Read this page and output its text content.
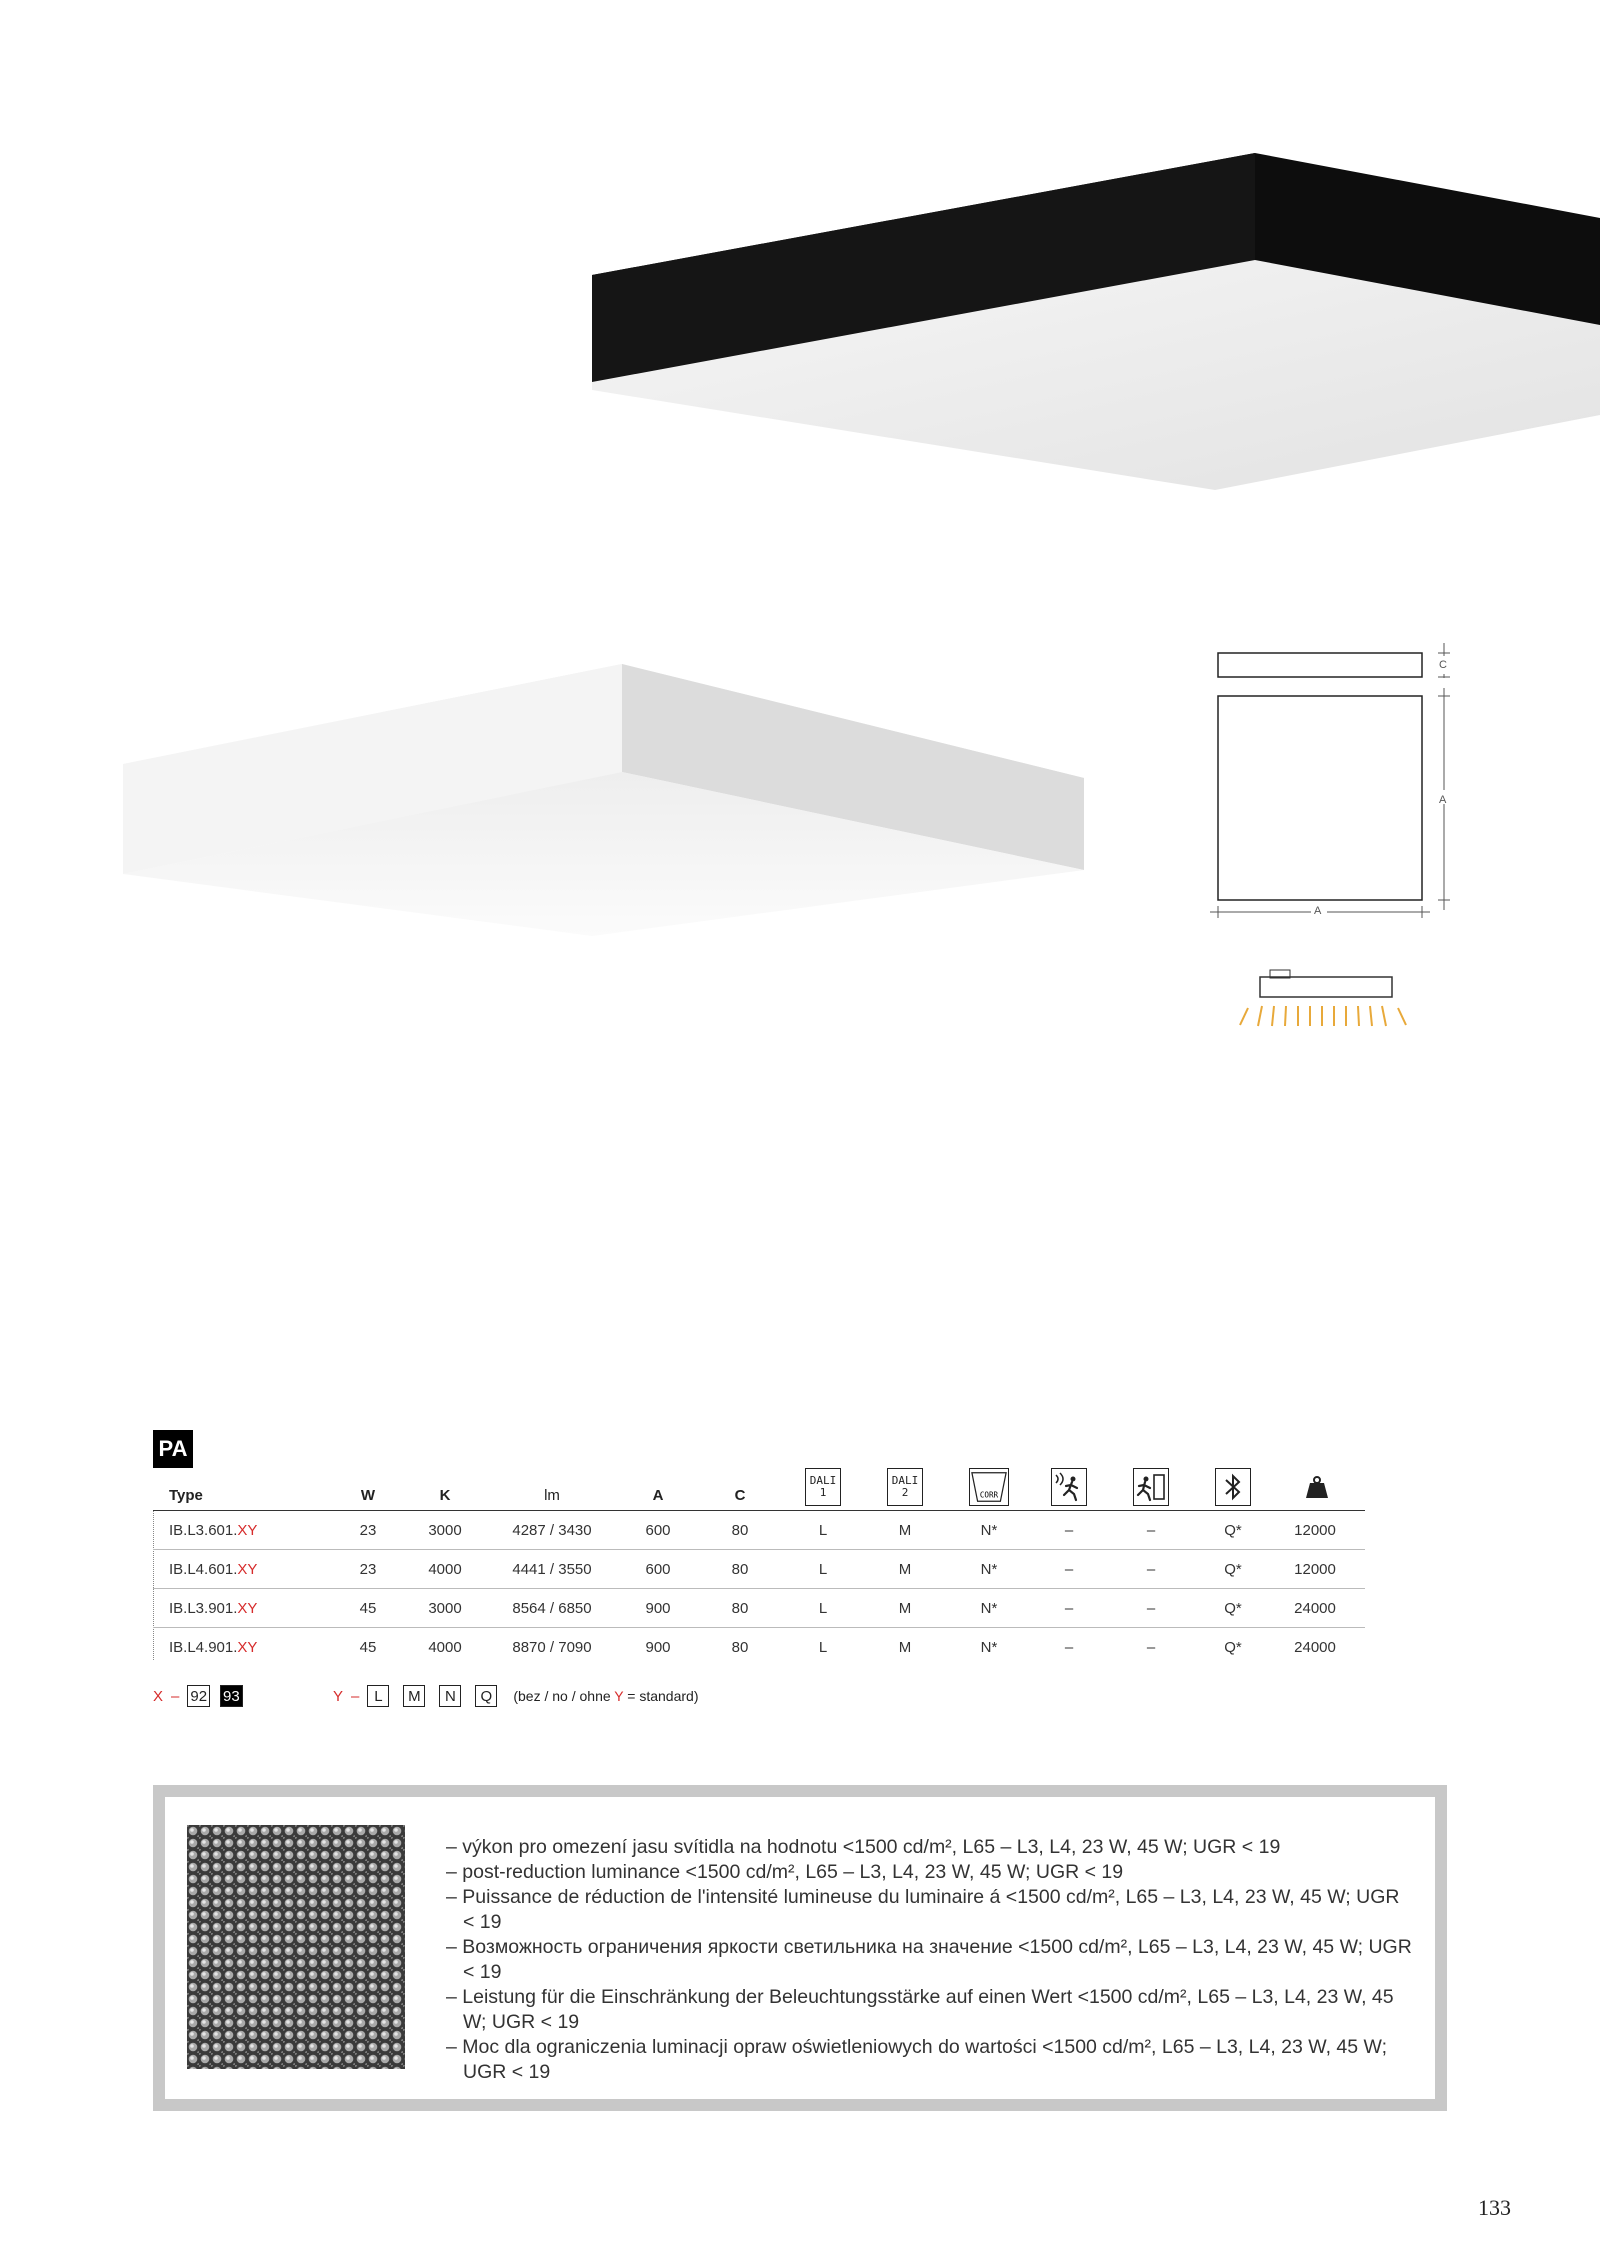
C
A
A
PA
Type	W	K	lm	A	C
DALI 1
DALI 2	CORR
IB.L3.601.XY	23	3000	4287 / 3430	600	80	L	M	N*	–	–	Q*	12000
IB.L4.601.XY	23	4000	4441 / 3550	600	80	L	M	N*	–	–	Q*	12000
IB.L3.901.XY	45	3000	8564 / 6850	900	80	L	M	N*	–	–	Q*	24000
IB.L4.901.XY	45	4000	8870 / 7090	900	80	L	M	N*	–	–	Q*	24000
X – 92 93	Y – L	M	N	Q	(bez / no / ohne Y = standard)

– výkon pro omezení jasu svítidla na hodnotu <1500 cd/m², L65 – L3, L4, 23 W, 45 W; UGR < 19

– post-reduction luminance <1500 cd/m², L65 – L3, L4, 23 W, 45 W; UGR < 19

– Puissance de réduction de l'intensité lumineuse du luminaire á <1500 cd/m², L65 – L3, L4, 23 W, 45 W; UGR < 19

– Возможность ограничения яркости светильника на значение <1500 cd/m², L65 – L3, L4, 23 W, 45 W; UGR < 19

– Leistung für die Einschränkung der Beleuchtungsstärke auf einen Wert <1500 cd/m², L65 – L3, L4, 23 W, 45 W; UGR < 19

– Moc dla ograniczenia luminacji opraw oświetleniowych do wartości <1500 cd/m², L65 – L3, L4, 23 W, 45 W; UGR < 19

133
